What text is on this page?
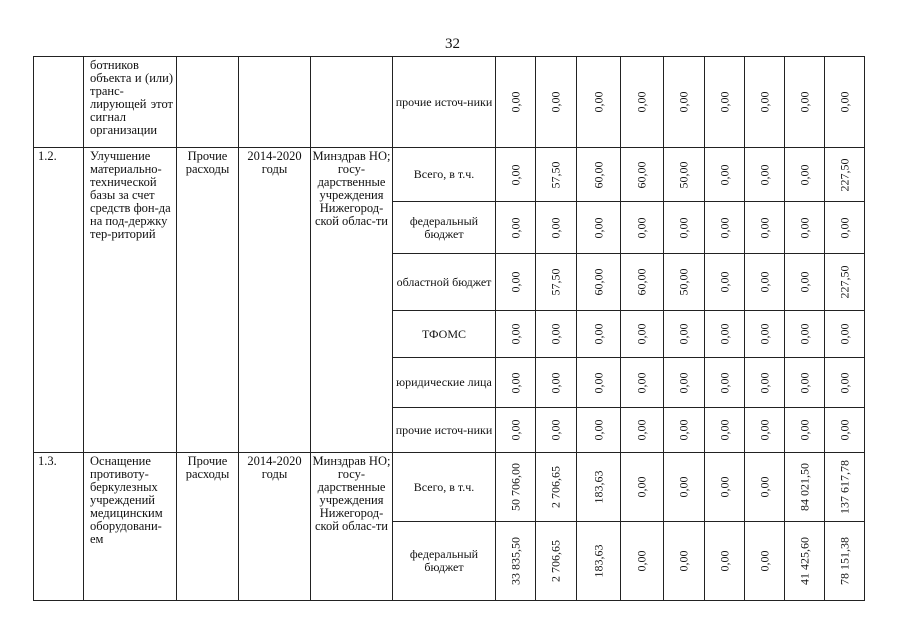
32
	ботников объекта и (или) транс-лирующей этот сигнал организации				прочие источ-ники	0,00	0,00	0,00	0,00	0,00	0,00	0,00	0,00	0,00

1.2.	Улучшение материально-технической базы за счет средств фон-да на под-держку тер-риторий	Прочие расходы	2014-2020 годы	Минздрав НО; госу-дарственные учреждения Нижегород-ской облас-ти	Всего, в т.ч.	0,00	57,50	60,00	60,00	50,00	0,00	0,00	0,00	227,50

					федеральный бюджет	0,00	0,00	0,00	0,00	0,00	0,00	0,00	0,00	0,00

					областной бюджет	0,00	57,50	60,00	60,00	50,00	0,00	0,00	0,00	227,50

					ТФОМС	0,00	0,00	0,00	0,00	0,00	0,00	0,00	0,00	0,00

					юридические лица	0,00	0,00	0,00	0,00	0,00	0,00	0,00	0,00	0,00

					прочие источ-ники	0,00	0,00	0,00	0,00	0,00	0,00	0,00	0,00	0,00

1.3.	Оснащение противоту-беркулезных учреждений медицинским оборудовани-ем	Прочие расходы	2014-2020 годы	Минздрав НО; госу-дарственные учреждения Нижегород-ской облас-ти	Всего, в т.ч.	50 706,00	2 706,65	183,63	0,00	0,00	0,00	0,00	84 021,50	137 617,78

					федеральный бюджет	33 835,50	2 706,65	183,63	0,00	0,00	0,00	0,00	41 425,60	78 151,38
